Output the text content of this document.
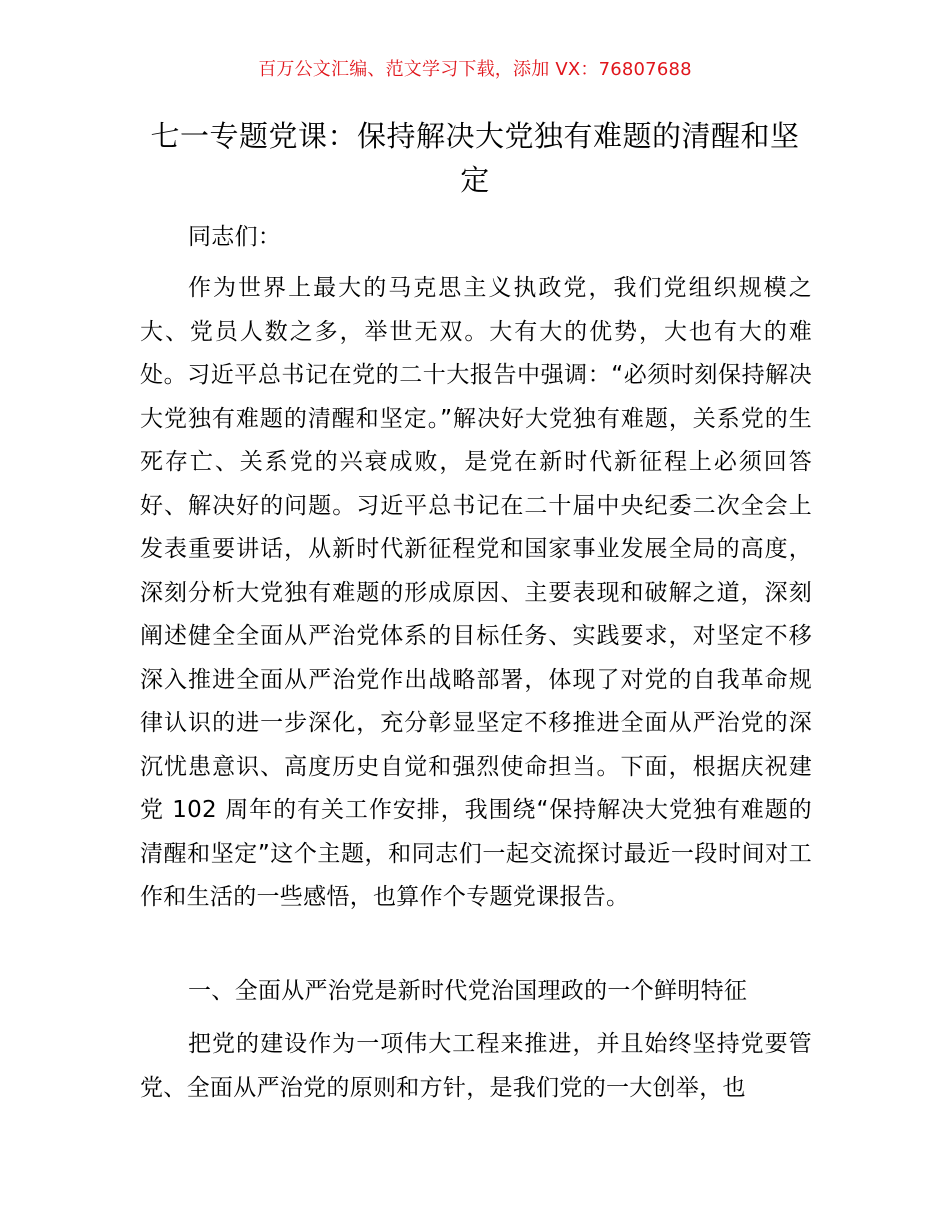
百万公文汇编、范文学习下载，添加 VX：76807688
七一专题党课：保持解决大党独有难题的清醒和坚定

同志们：

作为世界上最大的马克思主义执政党，我们党组织规模之大、党员人数之多，举世无双。大有大的优势，大也有大的难处。习近平总书记在党的二十大报告中强调：“必须时刻保持解决大党独有难题的清醒和坚定。”解决好大党独有难题，关系党的生死存亡、关系党的兴衰成败，是党在新时代新征程上必须回答好、解决好的问题。习近平总书记在二十届中央纪委二次全会上发表重要讲话，从新时代新征程党和国家事业发展全局的高度，深刻分析大党独有难题的形成原因、主要表现和破解之道，深刻阐述健全全面从严治党体系的目标任务、实践要求，对坚定不移深入推进全面从严治党作出战略部署，体现了对党的自我革命规律认识的进一步深化，充分彰显坚定不移推进全面从严治党的深沉忧患意识、高度历史自觉和强烈使命担当。下面，根据庆祝建党 102 周年的有关工作安排，我围绕“保持解决大党独有难题的清醒和坚定”这个主题，和同志们一起交流探讨最近一段时间对工作和生活的一些感悟，也算作个专题党课报告。

一、全面从严治党是新时代党治国理政的一个鲜明特征

把党的建设作为一项伟大工程来推进，并且始终坚持党要管党、全面从严治党的原则和方针，是我们党的一大创举，也
